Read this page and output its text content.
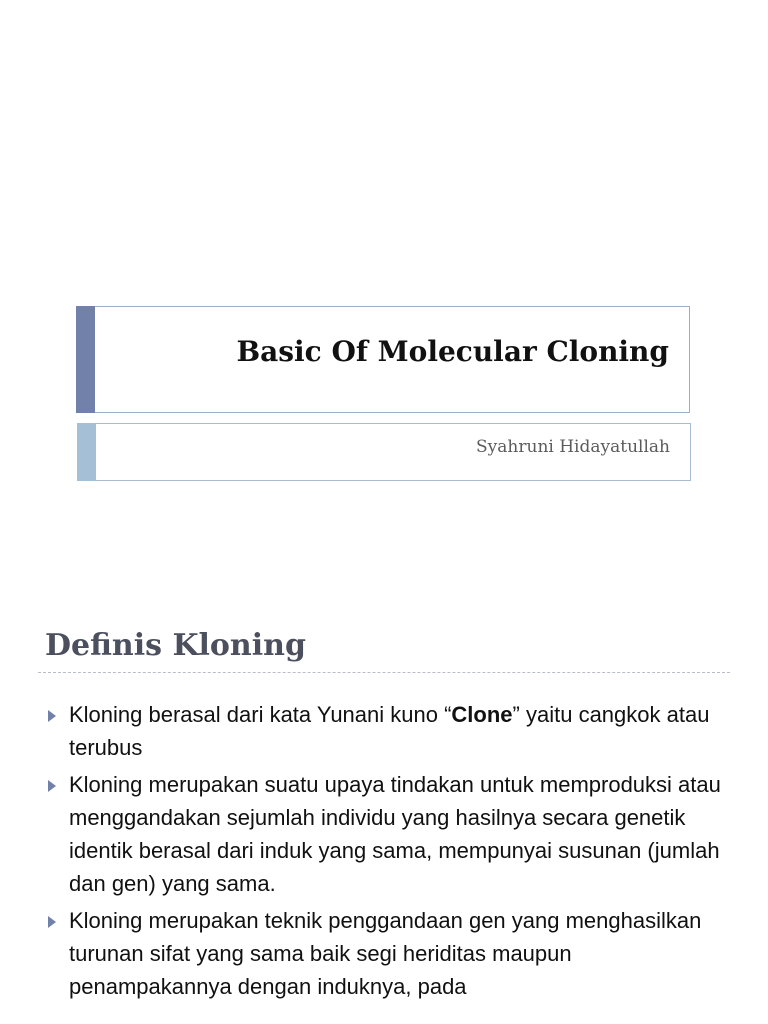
Basic Of Molecular Cloning
Syahruni Hidayatullah
Definis Kloning
Kloning berasal dari kata Yunani kuno “Clone” yaitu cangkok atau terubus
Kloning merupakan suatu upaya tindakan untuk memproduksi atau menggandakan sejumlah individu yang hasilnya secara genetik identik berasal dari induk yang sama, mempunyai susunan (jumlah dan gen) yang sama.
Kloning merupakan teknik penggandaan gen yang menghasilkan turunan sifat yang sama baik segi heriditas maupun penampakannya dengan induknya, pada
